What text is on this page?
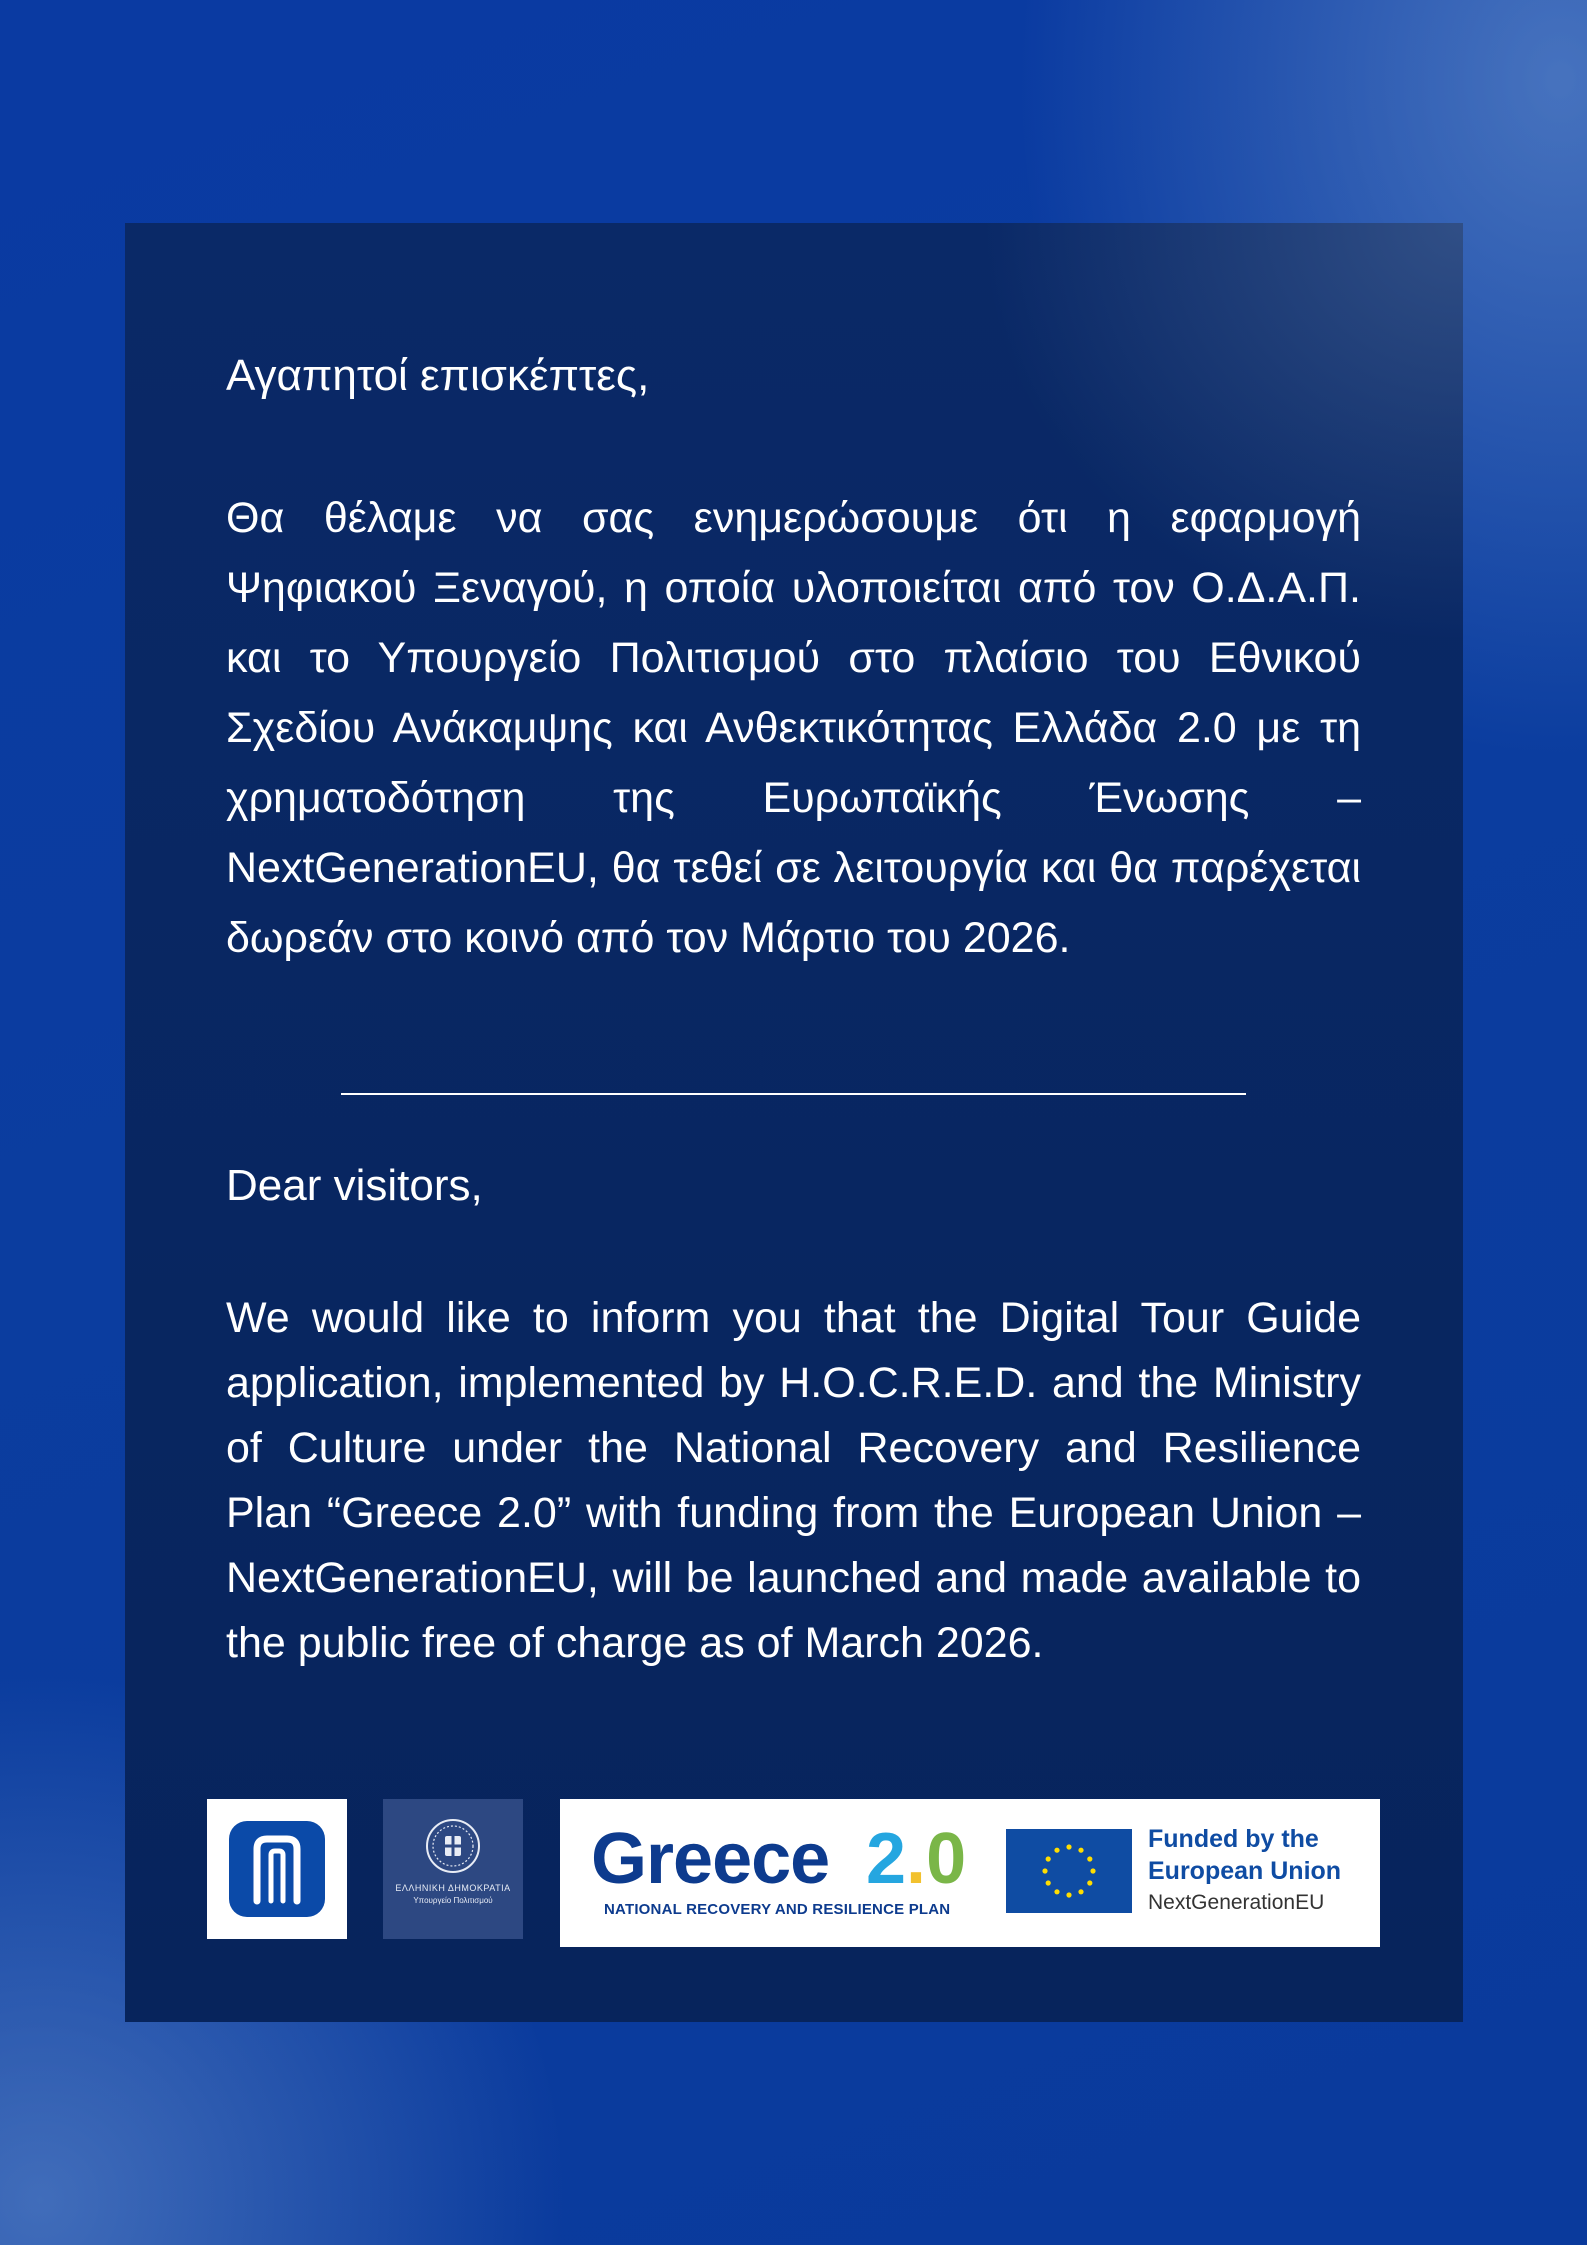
Αγαπητοί επισκέπτες,

Θα θέλαμε να σας ενημερώσουμε ότι η εφαρμογή Ψηφιακού Ξεναγού, η οποία υλοποιείται από τον Ο.Δ.Α.Π. και το Υπουργείο Πολιτισμού στο πλαίσιο του Εθνικού Σχεδίου Ανάκαμψης και Ανθεκτικότητας Ελλάδα 2.0 με τη χρηματοδότηση της Ευρωπαϊκής Ένωσης – NextGenerationEU, θα τεθεί σε λειτουργία και θα παρέχεται δωρεάν στο κοινό από τον Μάρτιο του 2026.

Dear visitors,

We would like to inform you that the Digital Tour Guide application, implemented by H.O.C.R.E.D. and the Ministry of Culture under the National Recovery and Resilience Plan “Greece 2.0” with funding from the European Union – NextGenerationEU, will be launched and made available to the public free of charge as of March 2026.

ΕΛΛΗΝΙΚΗ ΔΗΜΟΚΡΑΤΙΑ
Υπουργείο Πολιτισμού
Greece 2.0
NATIONAL RECOVERY AND RESILIENCE PLAN
Funded by the
European Union
NextGenerationEU
